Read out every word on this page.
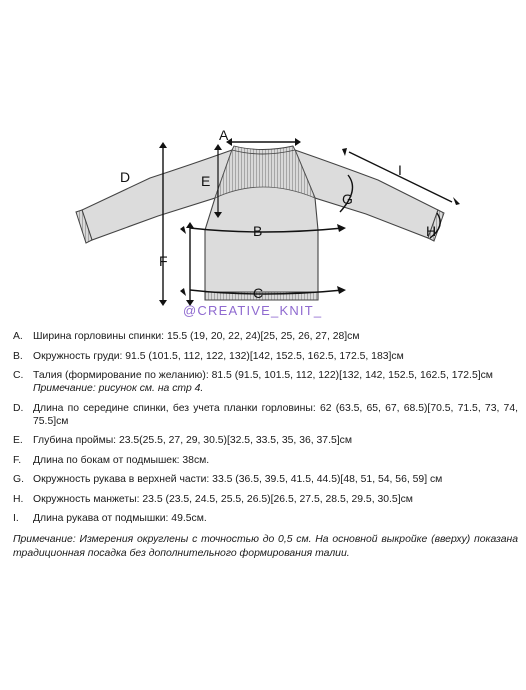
A
D	E
B
F
C
G
H
I
@CREATIVE_KNIT_
A. Ширина горловины спинки: 15.5 (19, 20, 22, 24)[25, 25, 26, 27, 28]см
B. Окружность груди: 91.5 (101.5, 112, 122, 132)[142, 152.5, 162.5, 172.5, 183]см
C. Талия (формирование по желанию): 81.5 (91.5, 101.5, 112, 122)[132, 142, 152.5, 162.5, 172.5]см
Примечание: рисунок см. на стр 4.
D. Длина по середине спинки, без учета планки горловины: 62 (63.5, 65, 67, 68.5)[70.5, 71.5, 73, 74, 75.5]см
E. Глубина проймы: 23.5(25.5, 27, 29, 30.5)[32.5, 33.5, 35, 36, 37.5]см
F.	Длина по бокам от подмышек: 38см.
G. Окружность рукава в верхней части: 33.5 (36.5, 39.5, 41.5, 44.5)[48, 51, 54, 56, 59] см
H. Окружность манжеты: 23.5 (23.5, 24.5, 25.5, 26.5)[26.5, 27.5, 28.5, 29.5, 30.5]см
I.	Длина рукава от подмышки: 49.5см.
Примечание: Измерения округлены с точностью до 0,5 см. На основной выкройке (вверху) показана традиционная посадка без дополнительного формирования талии.
